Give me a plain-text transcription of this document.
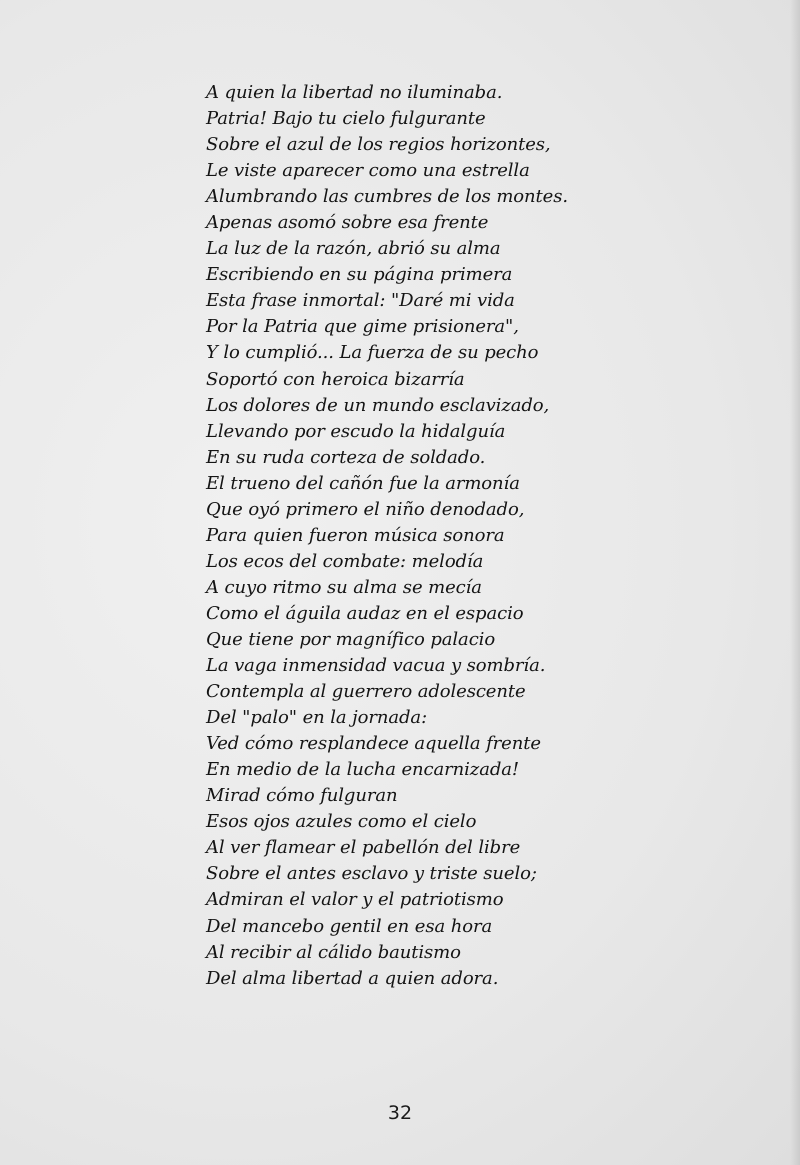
A quien la libertad no iluminaba.
Patria! Bajo tu cielo fulgurante
Sobre el azul de los regios horizontes,
Le viste aparecer como una estrella
Alumbrando las cumbres de los montes.
Apenas asomó sobre esa frente
La luz de la razón, abrió su alma
Escribiendo en su página primera
Esta frase inmortal: "Daré mi vida
Por la Patria que gime prisionera",
Y lo cumplió... La fuerza de su pecho
Soportó con heroica bizarría
Los dolores de un mundo esclavizado,
Llevando por escudo la hidalguía
En su ruda corteza de soldado.
El trueno del cañón fue la armonía
Que oyó primero el niño denodado,
Para quien fueron música sonora
Los ecos del combate: melodía
A cuyo ritmo su alma se mecía
Como el águila audaz en el espacio
Que tiene por magnífico palacio
La vaga inmensidad vacua y sombría.
Contempla al guerrero adolescente
Del "palo" en la jornada:
Ved cómo resplandece aquella frente
En medio de la lucha encarnizada!
Mirad cómo fulguran
Esos ojos azules como el cielo
Al ver flamear el pabellón del libre
Sobre el antes esclavo y triste suelo;
Admiran el valor y el patriotismo
Del mancebo gentil en esa hora
Al recibir al cálido bautismo
Del alma libertad a quien adora.
32
